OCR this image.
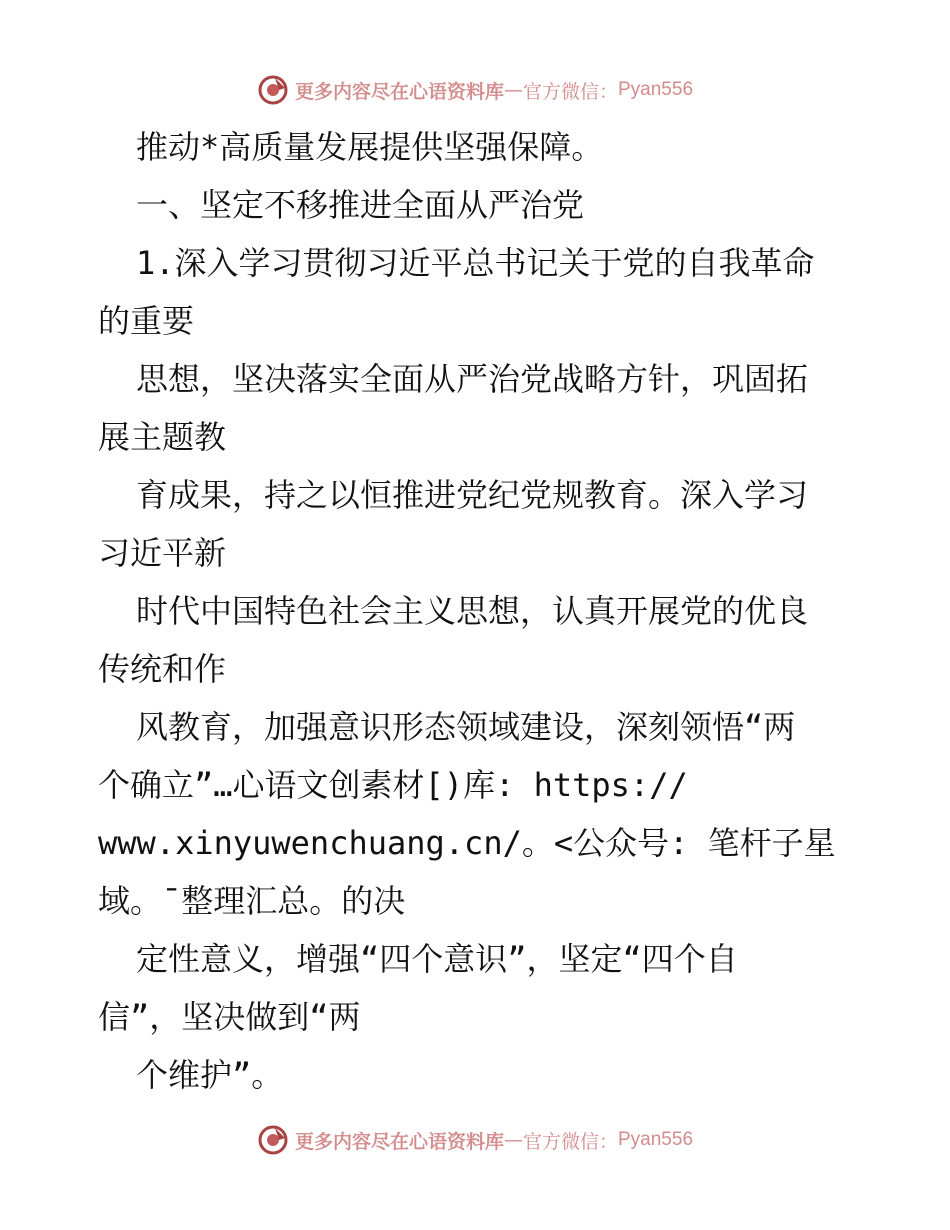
更多内容尽在心语资料库 — 官方微信： Pyan556
推动*高质量发展提供坚强保障。
一、坚定不移推进全面从严治党
1.深入学习贯彻习近平总书记关于党的自我革命
的重要
思想，坚决落实全面从严治党战略方针，巩固拓
展主题教
育成果，持之以恒推进党纪党规教育。深入学习
习近平新
时代中国特色社会主义思想，认真开展党的优良
传统和作
风教育，加强意识形态领域建设，深刻领悟“两
个确立”…心语文创素材[)库: https://
www.xinyuwenchuang.cn/。<公众号: 笔杆子星
域。¯整理汇总。的决
定性意义，增强“四个意识”，坚定“四个自
信”，坚决做到“两
个维护”。
更多内容尽在心语资料库 — 官方微信： Pyan556
